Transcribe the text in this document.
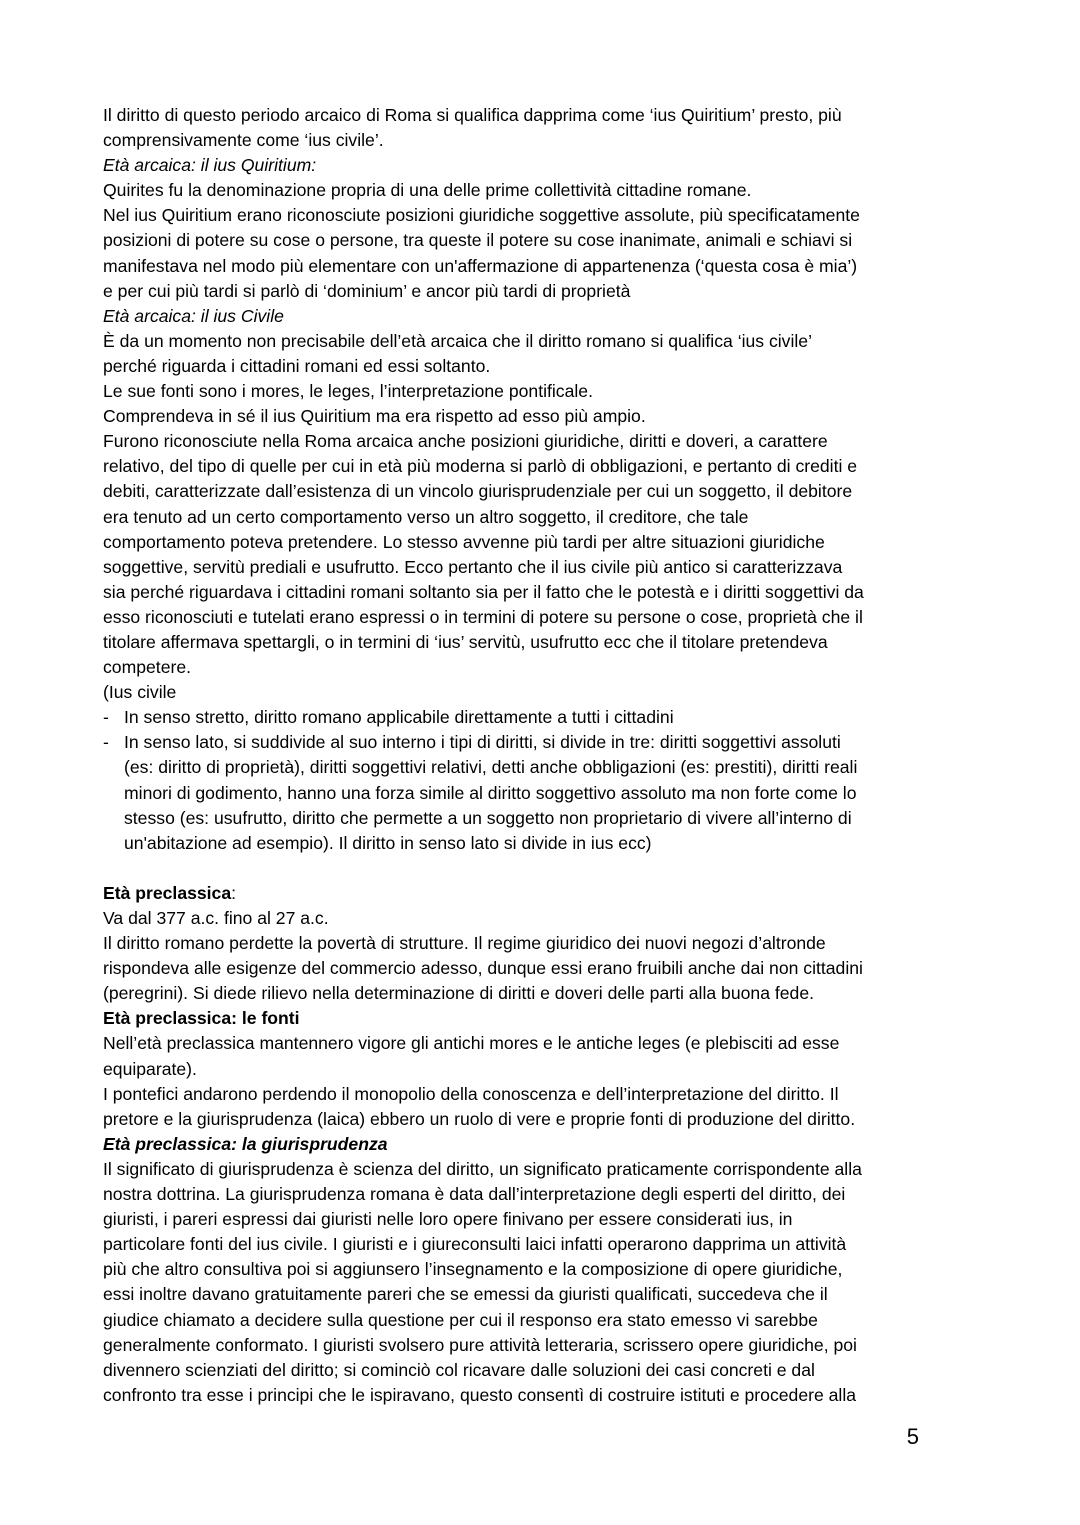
Il diritto di questo periodo arcaico di Roma si qualifica dapprima come ‘ius Quiritium’ presto, più
comprensivamente come ‘ius civile’.
Età arcaica: il ius Quiritium:
Quirites fu la denominazione propria di una delle prime collettività cittadine romane.
Nel ius Quiritium erano riconosciute posizioni giuridiche soggettive assolute, più specificatamente
posizioni di potere su cose o persone, tra queste il potere su cose inanimate, animali e schiavi si
manifestava nel modo più elementare con un'affermazione di appartenenza (‘questa cosa è mia’)
e per cui più tardi si parlò di ‘dominium’ e ancor più tardi di proprietà
Età arcaica: il ius Civile
È da un momento non precisabile dell’età arcaica che il diritto romano si qualifica ‘ius civile’
perché riguarda i cittadini romani ed essi soltanto.
Le sue fonti sono i mores, le leges, l’interpretazione pontificale.
Comprendeva in sé il ius Quiritium ma era rispetto ad esso più ampio.
Furono riconosciute nella Roma arcaica anche posizioni giuridiche, diritti e doveri, a carattere
relativo, del tipo di quelle per cui in età più moderna si parlò di obbligazioni, e pertanto di crediti e
debiti, caratterizzate dall’esistenza di un vincolo giurisprudenziale per cui un soggetto, il debitore
era tenuto ad un certo comportamento verso un altro soggetto, il creditore, che tale
comportamento poteva pretendere. Lo stesso avvenne più tardi per altre situazioni giuridiche
soggettive, servitù prediali e usufrutto. Ecco pertanto che il ius civile più antico si caratterizzava
sia perché riguardava i cittadini romani soltanto sia per il fatto che le potestà e i diritti soggettivi da
esso riconosciuti e tutelati erano espressi o in termini di potere su persone o cose, proprietà che il
titolare affermava spettargli, o in termini di ‘ius’ servitù, usufrutto ecc che il titolare pretendeva
competere.
(Ius civile
- In senso stretto, diritto romano applicabile direttamente a tutti i cittadini
- In senso lato, si suddivide al suo interno i tipi di diritti, si divide in tre: diritti soggettivi assoluti
(es: diritto di proprietà), diritti soggettivi relativi, detti anche obbligazioni (es: prestiti), diritti reali
minori di godimento, hanno una forza simile al diritto soggettivo assoluto ma non forte come lo
stesso (es: usufrutto, diritto che permette a un soggetto non proprietario di vivere all’interno di
un'abitazione ad esempio). Il diritto in senso lato si divide in ius ecc)
Età preclassica:
Va dal 377 a.c. fino al 27 a.c.
Il diritto romano perdette la povertà di strutture. Il regime giuridico dei nuovi negozi d’altronde
rispondeva alle esigenze del commercio adesso, dunque essi erano fruibili anche dai non cittadini
(peregrini). Si diede rilievo nella determinazione di diritti e doveri delle parti alla buona fede.
Età preclassica: le fonti
Nell’età preclassica mantennero vigore gli antichi mores e le antiche leges (e plebisciti ad esse
equiparate).
I pontefici andarono perdendo il monopolio della conoscenza e dell’interpretazione del diritto. Il
pretore e la giurisprudenza (laica) ebbero un ruolo di vere e proprie fonti di produzione del diritto.
Età preclassica: la giurisprudenza
Il significato di giurisprudenza è scienza del diritto, un significato praticamente corrispondente alla
nostra dottrina. La giurisprudenza romana è data dall’interpretazione degli esperti del diritto, dei
giuristi, i pareri espressi dai giuristi nelle loro opere finivano per essere considerati ius, in
particolare fonti del ius civile. I giuristi e i giureconsulti laici infatti operarono dapprima un attività
più che altro consultiva poi si aggiunsero l’insegnamento e la composizione di opere giuridiche,
essi inoltre davano gratuitamente pareri che se emessi da giuristi qualificati, succedeva che il
giudice chiamato a decidere sulla questione per cui il responso era stato emesso vi sarebbe
generalmente conformato. I giuristi svolsero pure attività letteraria, scrissero opere giuridiche, poi
divennero scienziati del diritto; si cominciò col ricavare dalle soluzioni dei casi concreti e dal
confronto tra esse i principi che le ispiravano, questo consentì di costruire istituti e procedere alla
5
